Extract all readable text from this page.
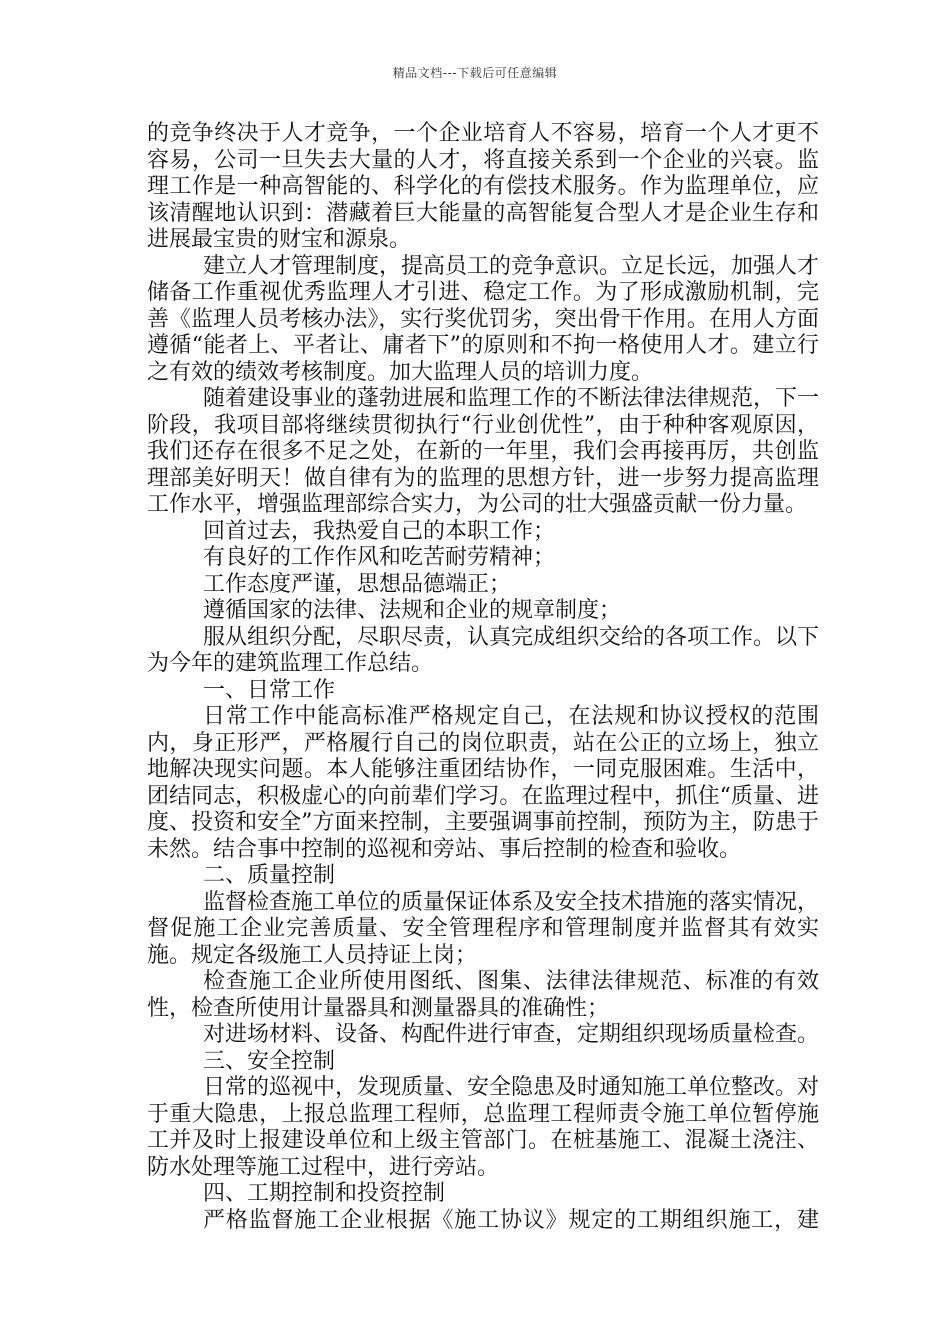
精品文档---下载后可任意编辑

的竞争终决于人才竞争，一个企业培育人不容易，培育一个人才更不容易，公司一旦失去大量的人才，将直接关系到一个企业的兴衰。监理工作是一种高智能的、科学化的有偿技术服务。作为监理单位，应该清醒地认识到：潜藏着巨大能量的高智能复合型人才是企业生存和进展最宝贵的财宝和源泉。

建立人才管理制度，提高员工的竞争意识。立足长远，加强人才储备工作重视优秀监理人才引进、稳定工作。为了形成激励机制，完善《监理人员考核办法》，实行奖优罚劣，突出骨干作用。在用人方面遵循“能者上、平者让、庸者下”的原则和不拘一格使用人才。建立行之有效的绩效考核制度。加大监理人员的培训力度。

随着建设事业的蓬勃进展和监理工作的不断法律法律规范，下一阶段，我项目部将继续贯彻执行“行业创优性”，由于种种客观原因，我们还存在很多不足之处，在新的一年里，我们会再接再厉，共创监理部美好明天！做自律有为的监理的思想方针，进一步努力提高监理工作水平，增强监理部综合实力，为公司的壮大强盛贡献一份力量。

回首过去，我热爱自己的本职工作；

有良好的工作作风和吃苦耐劳精神；

工作态度严谨，思想品德端正；

遵循国家的法律、法规和企业的规章制度；

服从组织分配，尽职尽责，认真完成组织交给的各项工作。以下为今年的建筑监理工作总结。

一、日常工作

日常工作中能高标准严格规定自己，在法规和协议授权的范围内，身正形严，严格履行自己的岗位职责，站在公正的立场上，独立地解决现实问题。本人能够注重团结协作，一同克服困难。生活中，团结同志，积极虚心的向前辈们学习。在监理过程中，抓住“质量、进度、投资和安全”方面来控制，主要强调事前控制，预防为主，防患于未然。结合事中控制的巡视和旁站、事后控制的检查和验收。

二、质量控制

监督检查施工单位的质量保证体系及安全技术措施的落实情况，督促施工企业完善质量、安全管理程序和管理制度并监督其有效实施。规定各级施工人员持证上岗；

检查施工企业所使用图纸、图集、法律法律规范、标准的有效性，检查所使用计量器具和测量器具的准确性；

对进场材料、设备、构配件进行审查，定期组织现场质量检查。

三、安全控制

日常的巡视中，发现质量、安全隐患及时通知施工单位整改。对于重大隐患，上报总监理工程师，总监理工程师责令施工单位暂停施工并及时上报建设单位和上级主管部门。在桩基施工、混凝土浇注、防水处理等施工过程中，进行旁站。

四、工期控制和投资控制

严格监督施工企业根据《施工协议》规定的工期组织施工，建
